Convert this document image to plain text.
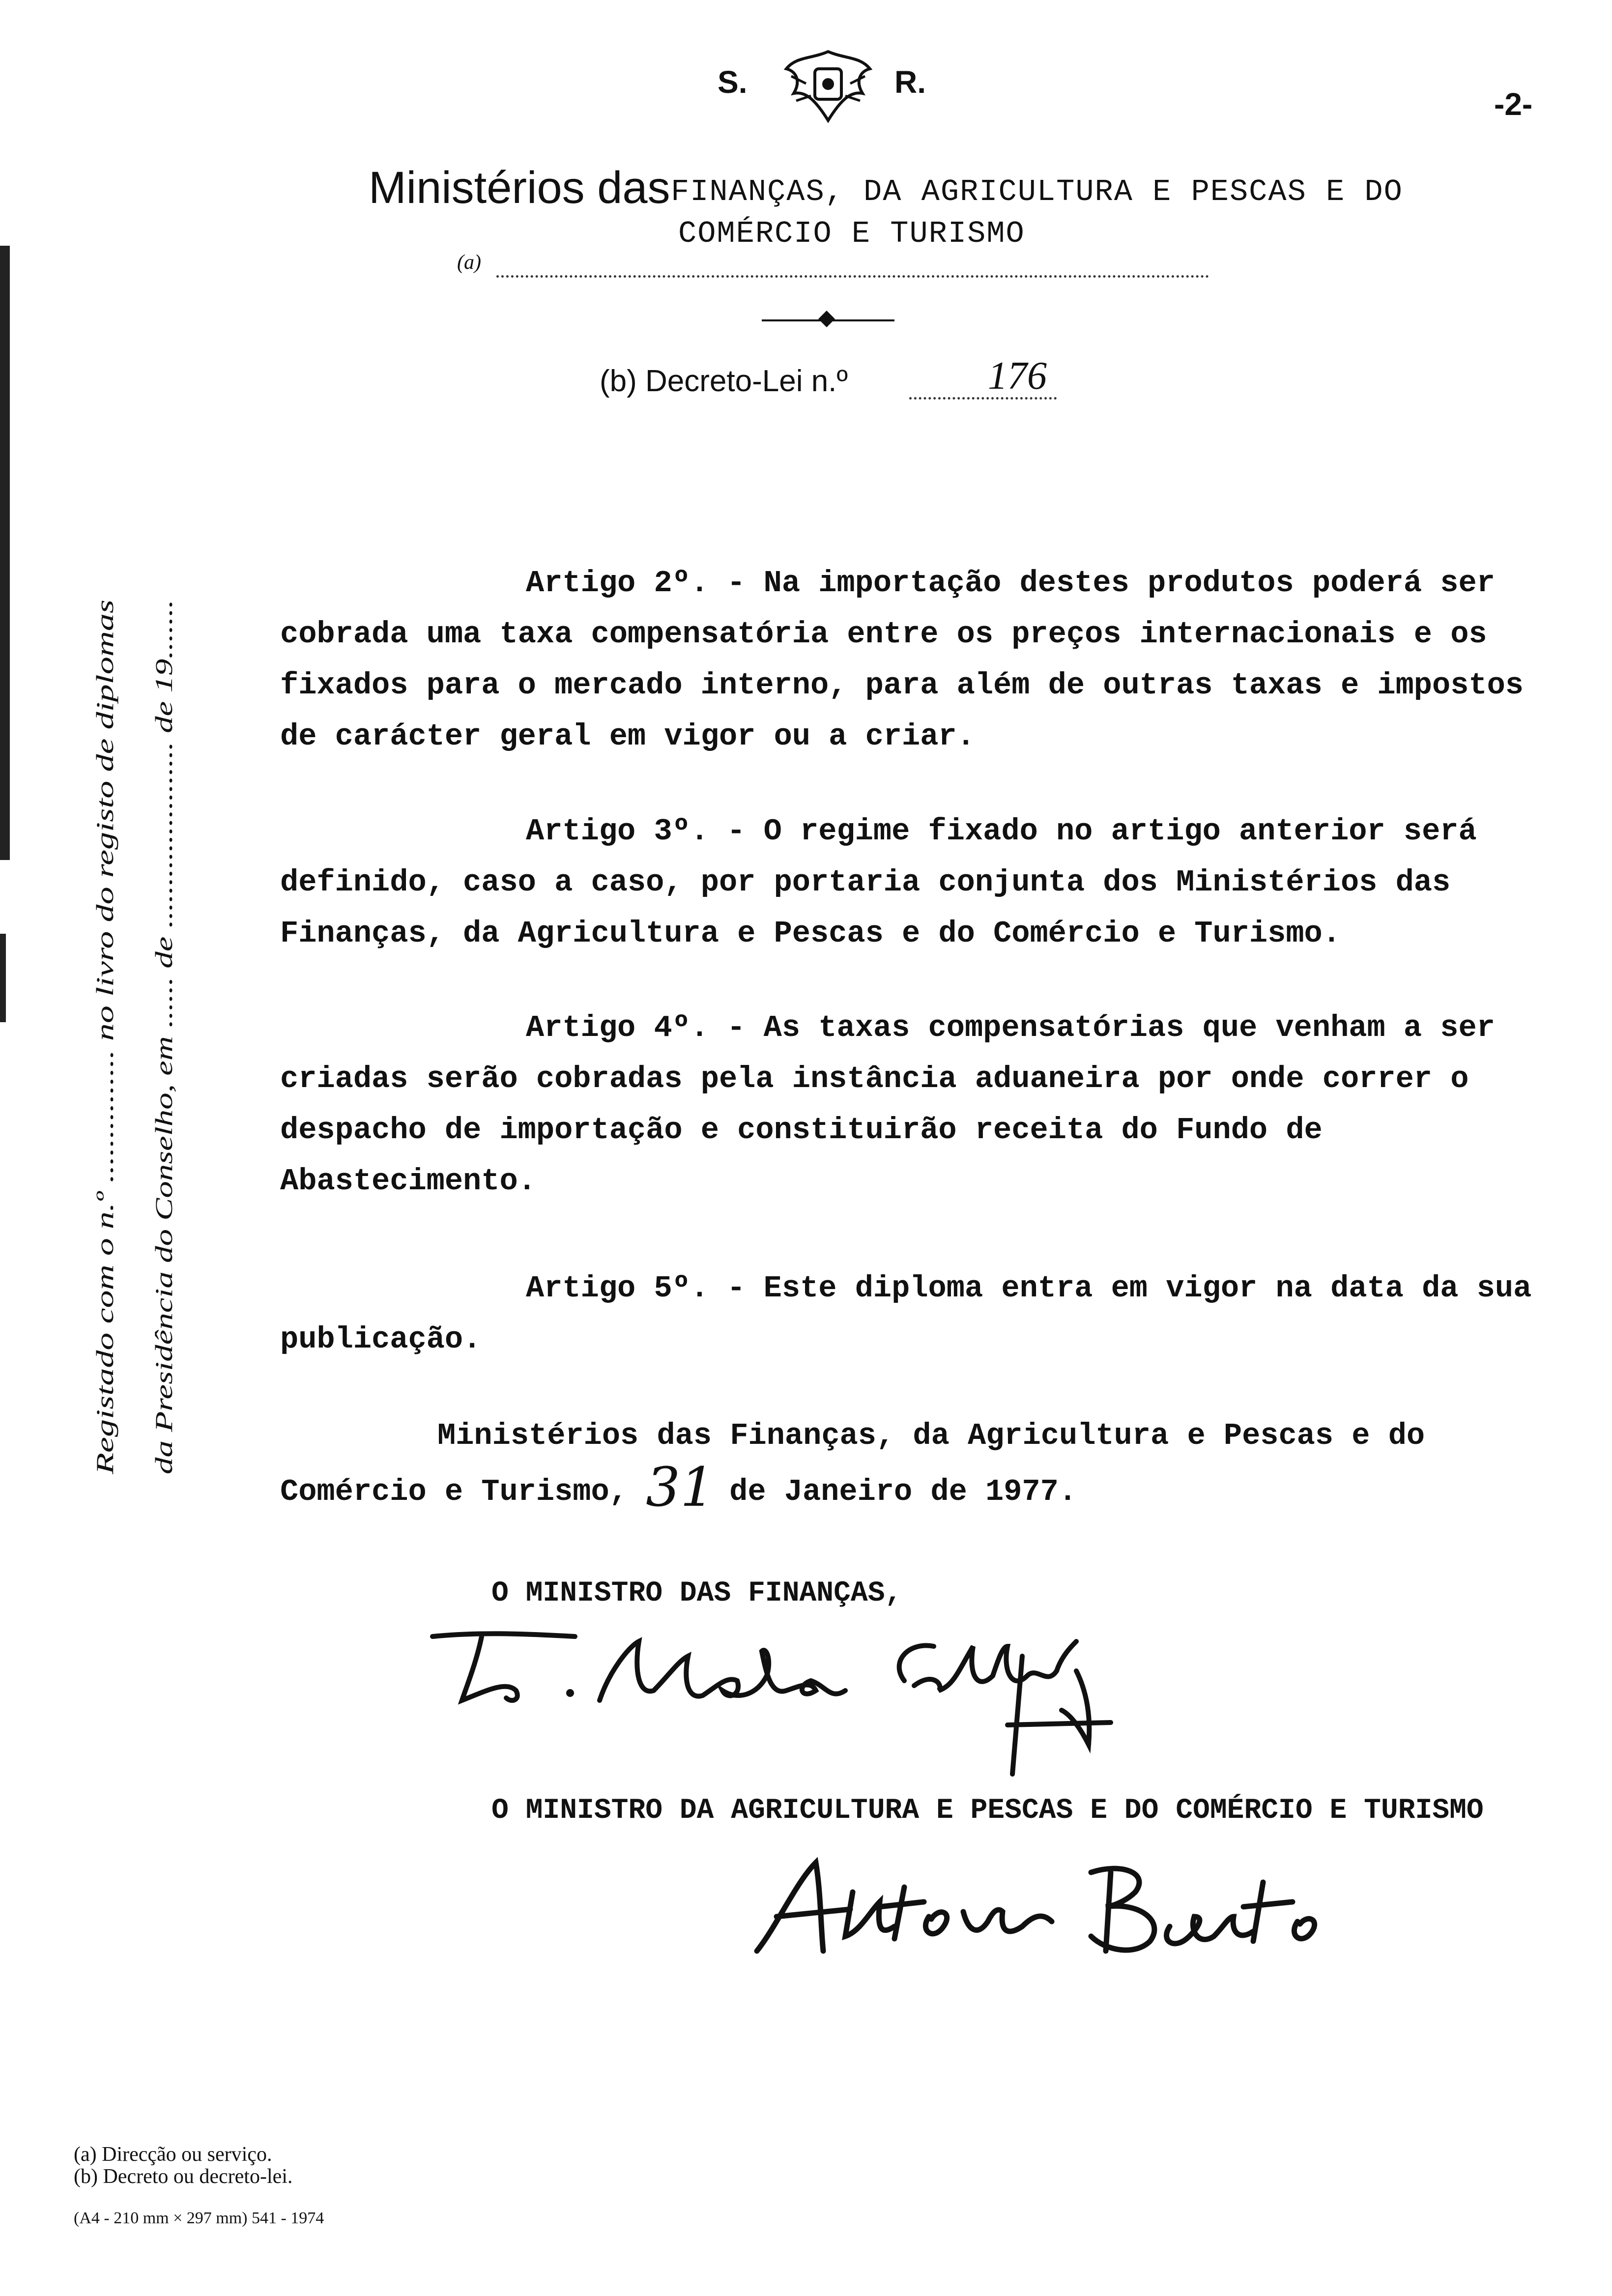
S.	R.
-2-
Ministérios das FINANÇAS, DA AGRICULTURA E PESCAS E DO
COMÉRCIO E TURISMO
(a)
(b) Decreto-Lei n.º	176
Registado com o n.º ............... no livro do registo de diplomas da Presidência do Conselho, em ...... de ...................... de 19.......
Artigo 2º. - Na importação destes produtos poderá ser cobrada uma taxa compensatória entre os preços internacionais e os fixados para o mercado interno, para além de outras taxas e impostos de carácter geral em vigor ou a criar.
Artigo 3º. - O regime fixado no artigo anterior será definido, caso a caso, por portaria conjunta dos Ministérios das Finanças, da Agricultura e Pescas e do Comércio e Turismo.
Artigo 4º. - As taxas compensatórias que venham a ser criadas serão cobradas pela instância aduaneira por onde correr o despacho de importação e constituirão receita do Fundo de Abastecimento.
Artigo 5º. - Este diploma entra em vigor na data da sua publicação.
Ministérios das Finanças, da Agricultura e Pescas e do Comércio e Turismo, 31 de Janeiro de 1977.
O MINISTRO DAS FINANÇAS,
O MINISTRO DA AGRICULTURA E PESCAS E DO COMÉRCIO E TURISMO
(a) Direcção ou serviço.
(b) Decreto ou decreto-lei.
(A4 - 210 mm × 297 mm) 541 - 1974
